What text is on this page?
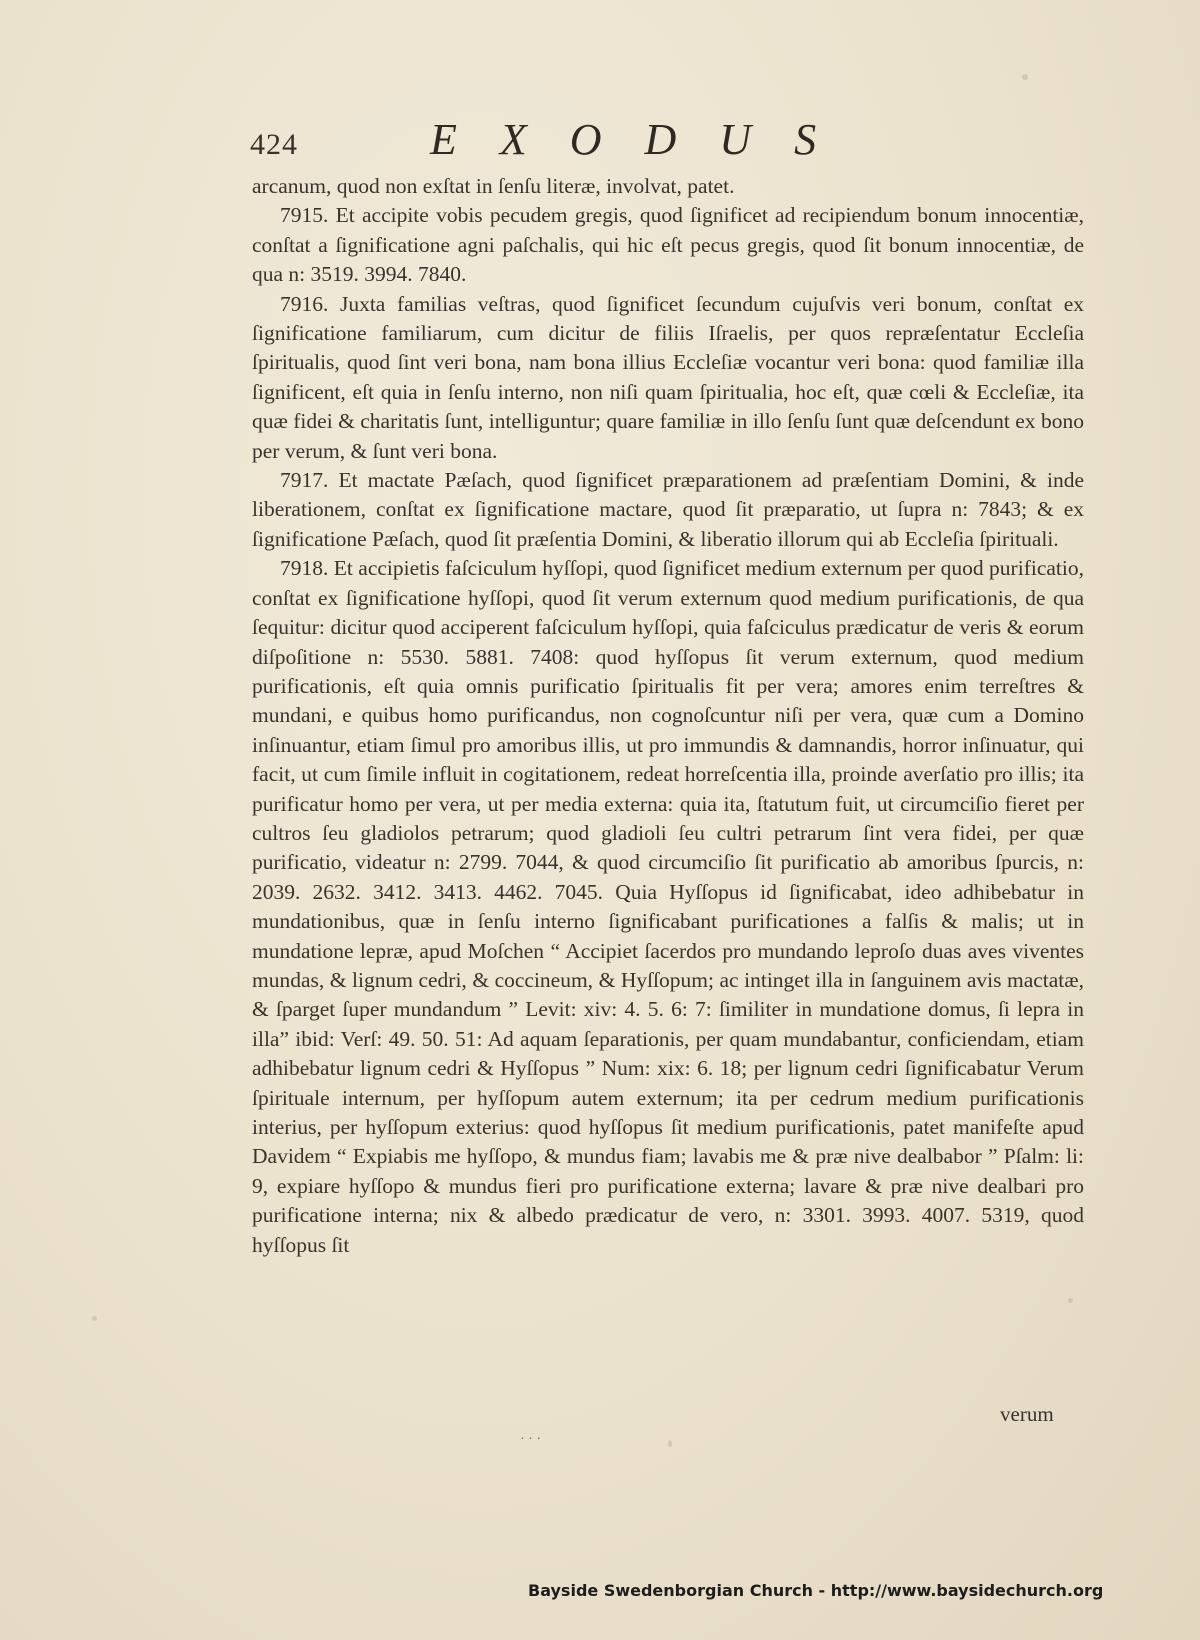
424	EXODUS

arcanum, quod non exſtat in ſenſu literæ, involvat, patet.

7915. Et accipite vobis pecudem gregis, quod ſignificet ad recipiendum bonum innocentiæ, conſtat a ſignificatione agni paſchalis, qui hic eſt pecus gregis, quod ſit bonum innocentiæ, de qua n: 3519. 3994. 7840.

7916. Juxta familias veſtras, quod ſignificet ſecundum cujuſvis veri bonum, conſtat ex ſignificatione familiarum, cum dicitur de filiis Iſraelis, per quos repræſentatur Eccleſia ſpiritualis, quod ſint veri bona, nam bona illius Eccleſiæ vocantur veri bona: quod familiæ illa ſignificent, eſt quia in ſenſu interno, non niſi quam ſpiritualia, hoc eſt, quæ cœli & Eccleſiæ, ita quæ fidei & charitatis ſunt, intelliguntur; quare familiæ in illo ſenſu ſunt quæ deſcendunt ex bono per verum, & ſunt veri bona.

7917. Et mactate Pæſach, quod ſignificet præparationem ad præſentiam Domini, & inde liberationem, conſtat ex ſignificatione mactare, quod ſit præparatio, ut ſupra n: 7843; & ex ſignificatione Pæſach, quod ſit præſentia Domini, & liberatio illorum qui ab Eccleſia ſpirituali.

7918. Et accipietis faſciculum hyſſopi, quod ſignificet medium externum per quod purificatio, conſtat ex ſignificatione hyſſopi, quod ſit verum externum quod medium purificationis, de qua ſequitur: dicitur quod acciperent faſciculum hyſſopi, quia faſciculus prædicatur de veris & eorum diſpoſitione n: 5530. 5881. 7408: quod hyſſopus ſit verum externum, quod medium purificationis, eſt quia omnis purificatio ſpiritualis fit per vera; amores enim terreſtres & mundani, e quibus homo purificandus, non cognoſcuntur niſi per vera, quæ cum a Domino inſinuantur, etiam ſimul pro amoribus illis, ut pro immundis & damnandis, horror inſinuatur, qui facit, ut cum ſimile influit in cogitationem, redeat horreſcentia illa, proinde averſatio pro illis; ita purificatur homo per vera, ut per media externa: quia ita, ſtatutum fuit, ut circumciſio fieret per cultros ſeu gladiolos petrarum; quod gladioli ſeu cultri petrarum ſint vera fidei, per quæ purificatio, videatur n: 2799. 7044, & quod circumciſio ſit purificatio ab amoribus ſpurcis, n: 2039. 2632. 3412. 3413. 4462. 7045. Quia Hyſſopus id ſignificabat, ideo adhibebatur in mundationibus, quæ in ſenſu interno ſignificabant purificationes a falſis & malis; ut in mundatione lepræ, apud Moſchen “ Accipiet ſacerdos pro mundando leproſo duas aves viventes mundas, & lignum cedri, & coccineum, & Hyſſopum; ac intinget illa in ſanguinem avis mactatæ, & ſparget ſuper mundandum ” Levit: xiv: 4. 5. 6: 7: ſimiliter in mundatione domus, ſi lepra in illa” ibid: Verſ: 49. 50. 51: Ad aquam ſeparationis, per quam mundabantur, conficiendam, etiam adhibebatur lignum cedri & Hyſſopus ” Num: xix: 6. 18; per lignum cedri ſignificabatur Verum ſpirituale internum, per hyſſopum autem externum; ita per cedrum medium purificationis interius, per hyſſopum exterius: quod hyſſopus ſit medium purificationis, patet manifeſte apud Davidem “ Expiabis me hyſſopo, & mundus fiam; lavabis me & præ nive dealbabor ” Pſalm: li: 9, expiare hyſſopo & mundus fieri pro purificatione externa; lavare & præ nive dealbari pro purificatione interna; nix & albedo prædicatur de vero, n: 3301. 3993. 4007. 5319, quod hyſſopus ſit

verum
· · ·
Bayside Swedenborgian Church - http://www.baysidechurch.org
